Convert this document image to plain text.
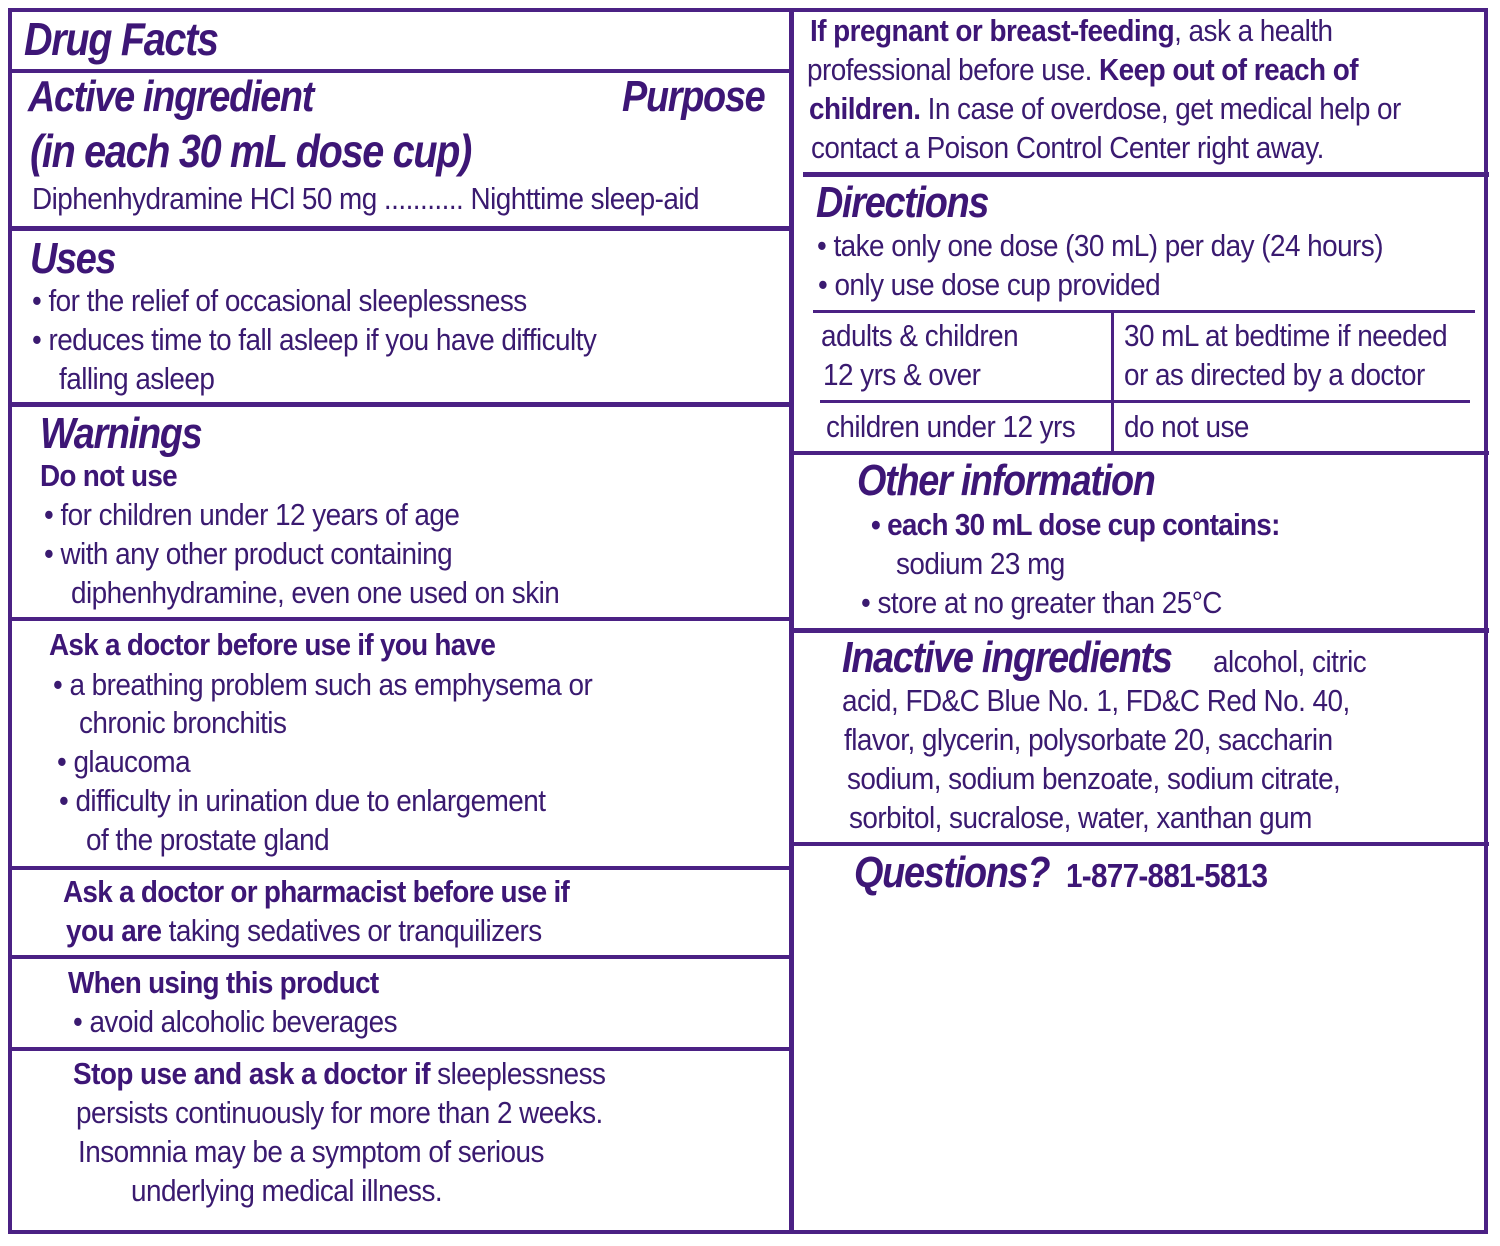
Drug Facts
Active ingredient	Purpose
(in each 30 mL dose cup)
Diphenhydramine HCl 50 mg ........... Nighttime sleep-aid
Uses
• for the relief of occasional sleeplessness
• reduces time to fall asleep if you have difficulty
falling asleep
Warnings
Do not use
• for children under 12 years of age
• with any other product containing
diphenhydramine, even one used on skin
Ask a doctor before use if you have
• a breathing problem such as emphysema or
chronic bronchitis
• glaucoma
• difficulty in urination due to enlargement
of the prostate gland
Ask a doctor or pharmacist before use if
you are taking sedatives or tranquilizers
When using this product
• avoid alcoholic beverages
Stop use and ask a doctor if sleeplessness
persists continuously for more than 2 weeks.
Insomnia may be a symptom of serious
underlying medical illness.
If pregnant or breast-feeding, ask a health
professional before use. Keep out of reach of
children. In case of overdose, get medical help or
contact a Poison Control Center right away.
Directions
• take only one dose (30 mL) per day (24 hours)
• only use dose cup provided
adults & children
12 yrs & over
30 mL at bedtime if needed
or as directed by a doctor
children under 12 yrs do not use
Other information
• each 30 mL dose cup contains:
sodium 23 mg
• store at no greater than 25°C
Inactive ingredients alcohol, citric
acid, FD&C Blue No. 1, FD&C Red No. 40,
flavor, glycerin, polysorbate 20, saccharin
sodium, sodium benzoate, sodium citrate,
sorbitol, sucralose, water, xanthan gum
Questions? 1-877-881-5813
